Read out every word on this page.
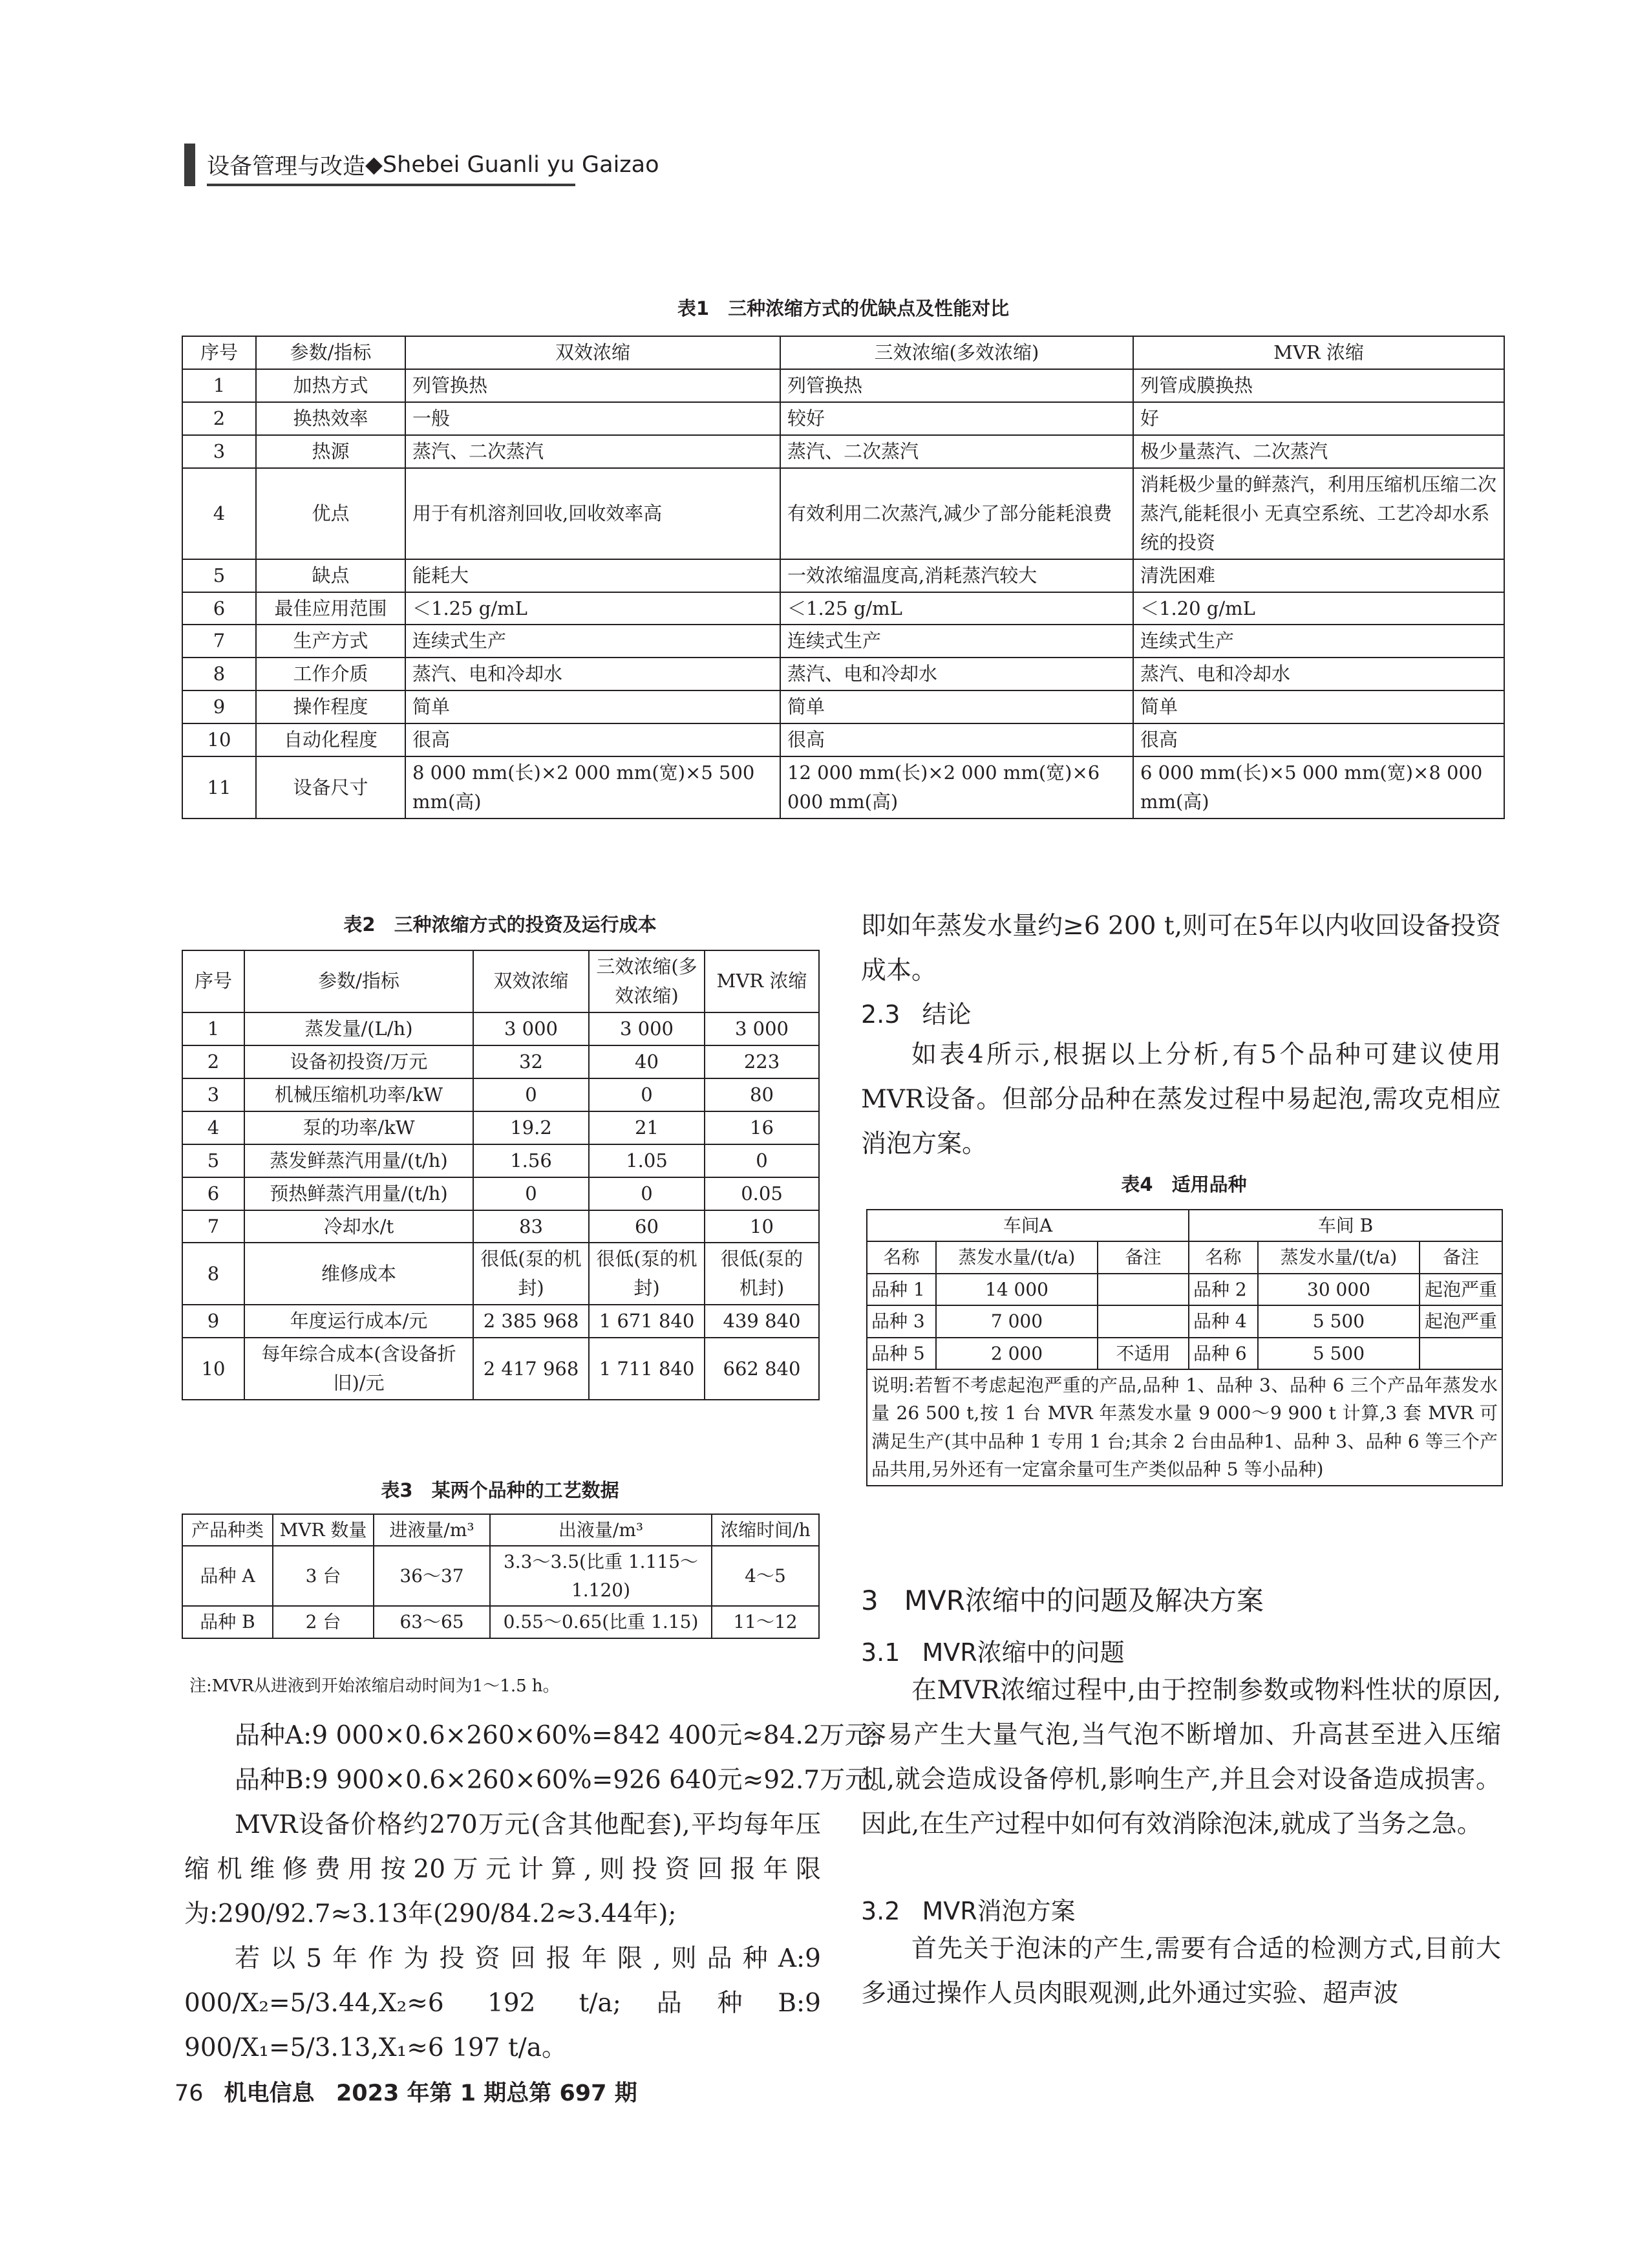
设备管理与改造 ◆Shebei Guanli yu Gaizao
表1　三种浓缩方式的优缺点及性能对比
序号	参数/指标	双效浓缩	三效浓缩(多效浓缩)	MVR 浓缩
1	加热方式	列管换热	列管换热	列管成膜换热
2	换热效率	一般	较好	好
3	热源	蒸汽、二次蒸汽	蒸汽、二次蒸汽	极少量蒸汽、二次蒸汽
4	优点	用于有机溶剂回收,回收效率高	有效利用二次蒸汽,减少了部分能耗浪费	消耗极少量的鲜蒸汽，利用压缩机压缩二次蒸汽,能耗很小 无真空系统、工艺冷却水系统的投资
5	缺点	能耗大	一效浓缩温度高,消耗蒸汽较大	清洗困难
6	最佳应用范围	＜1.25 g/mL	＜1.25 g/mL	＜1.20 g/mL
7	生产方式	连续式生产	连续式生产	连续式生产
8	工作介质	蒸汽、电和冷却水	蒸汽、电和冷却水	蒸汽、电和冷却水
9	操作程度	简单	简单	简单
10	自动化程度	很高	很高	很高
11	设备尺寸	8 000 mm(长)×2 000 mm(宽)×5 500 mm(高)	12 000 mm(长)×2 000 mm(宽)×6 000 mm(高)	6 000 mm(长)×5 000 mm(宽)×8 000 mm(高)
表2　三种浓缩方式的投资及运行成本
序号	参数/指标	双效浓缩	三效浓缩(多效浓缩)	MVR 浓缩
1	蒸发量/(L/h)	3 000	3 000	3 000
2	设备初投资/万元	32	40	223
3	机械压缩机功率/kW	0	0	80
4	泵的功率/kW	19.2	21	16
5	蒸发鲜蒸汽用量/(t/h)	1.56	1.05	0
6	预热鲜蒸汽用量/(t/h)	0	0	0.05
7	冷却水/t	83	60	10
8	维修成本	很低(泵的机封)	很低(泵的机封)	很低(泵的机封)
9	年度运行成本/元	2 385 968	1 671 840	439 840
10	每年综合成本(含设备折旧)/元	2 417 968	1 711 840	662 840
表3　某两个品种的工艺数据
产品种类	MVR 数量	进液量/m³	出液量/m³	浓缩时间/h
品种 A	3 台	36～37	3.3～3.5(比重 1.115～1.120)	4～5
品种 B	2 台	63～65	0.55～0.65(比重 1.15)	11～12
注:MVR从进液到开始浓缩启动时间为1～1.5 h。

品种A:9 000×0.6×260×60%=842 400元≈84.2万元;

品种B:9 900×0.6×260×60%=926 640元≈92.7万元。

MVR设备价格约270万元(含其他配套),平均每年压缩机维修费用按20万元计算,则投资回报年限为:290/92.7≈3.13年(290/84.2≈3.44年);

若以5年作为投资回报年限,则品种A:9 000/X₂=5/3.44,X₂≈6 192 t/a;品种B:9 900/X₁=5/3.13,X₁≈6 197 t/a。

即如年蒸发水量约≥6 200 t,则可在5年以内收回设备投资成本。
2.3 结论
如表4所示,根据以上分析,有5个品种可建议使用MVR设备。但部分品种在蒸发过程中易起泡,需攻克相应消泡方案。
表4　适用品种
车间A			车间 B		
名称	蒸发水量/(t/a)	备注	名称	蒸发水量/(t/a)	备注
品种 1	14 000		品种 2	30 000	起泡严重
品种 3	7 000		品种 4	5 500	起泡严重
品种 5	2 000	不适用	品种 6	5 500	
说明:若暂不考虑起泡严重的产品,品种 1、品种 3、品种 6 三个产品年蒸发水量 26 500 t,按 1 台 MVR 年蒸发水量 9 000～9 900 t 计算,3 套 MVR 可满足生产(其中品种 1 专用 1 台;其余 2 台由品种1、品种 3、品种 6 等三个产品共用,另外还有一定富余量可生产类似品种 5 等小品种)					
3 MVR浓缩中的问题及解决方案
3.1 MVR浓缩中的问题
在MVR浓缩过程中,由于控制参数或物料性状的原因,容易产生大量气泡,当气泡不断增加、升高甚至进入压缩机,就会造成设备停机,影响生产,并且会对设备造成损害。因此,在生产过程中如何有效消除泡沫,就成了当务之急。
3.2 MVR消泡方案
首先关于泡沫的产生,需要有合适的检测方式,目前大多通过操作人员肉眼观测,此外通过实验、超声波
76 机电信息 2023 年第 1 期总第 697 期
